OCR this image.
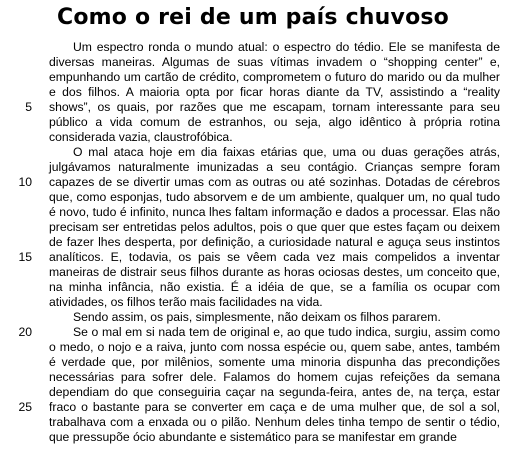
Como o rei de um país chuvoso
5
10
15
20
25

Um espectro ronda o mundo atual: o espectro do tédio. Ele se manifesta de diversas maneiras. Algumas de suas vítimas invadem o “shopping center” e, empunhando um cartão de crédito, comprometem o futuro do marido ou da mulher e dos filhos. A maioria opta por ficar horas diante da TV, assistindo a “reality shows”, os quais, por razões que me escapam, tornam interessante para seu público a vida comum de estranhos, ou seja, algo idêntico à própria rotina considerada vazia, claustrofóbica.

O mal ataca hoje em dia faixas etárias que, uma ou duas gerações atrás, julgávamos naturalmente imunizadas a seu contágio. Crianças sempre foram capazes de se divertir umas com as outras ou até sozinhas. Dotadas de cérebros que, como esponjas, tudo absorvem e de um ambiente, qualquer um, no qual tudo é novo, tudo é infinito, nunca lhes faltam informação e dados a processar. Elas não precisam ser entretidas pelos adultos, pois o que quer que estes façam ou deixem de fazer lhes desperta, por definição, a curiosidade natural e aguça seus instintos analíticos. E, todavia, os pais se vêem cada vez mais compelidos a inventar maneiras de distrair seus filhos durante as horas ociosas destes, um conceito que, na minha infância, não existia. É a idéia de que, se a família os ocupar com atividades, os filhos terão mais facilidades na vida.

Sendo assim, os pais, simplesmente, não deixam os filhos pararem.

Se o mal em si nada tem de original e, ao que tudo indica, surgiu, assim como o medo, o nojo e a raiva, junto com nossa espécie ou, quem sabe, antes, também é verdade que, por milênios, somente uma minoria dispunha das precondições necessárias para sofrer dele. Falamos do homem cujas refeições da semana dependiam do que conseguiria caçar na segunda-feira, antes de, na terça, estar fraco o bastante para se converter em caça e de uma mulher que, de sol a sol, trabalhava com a enxada ou o pilão. Nenhum deles tinha tempo de sentir o tédio, que pressupõe ócio abundante e sistemático para se manifestar em grande
